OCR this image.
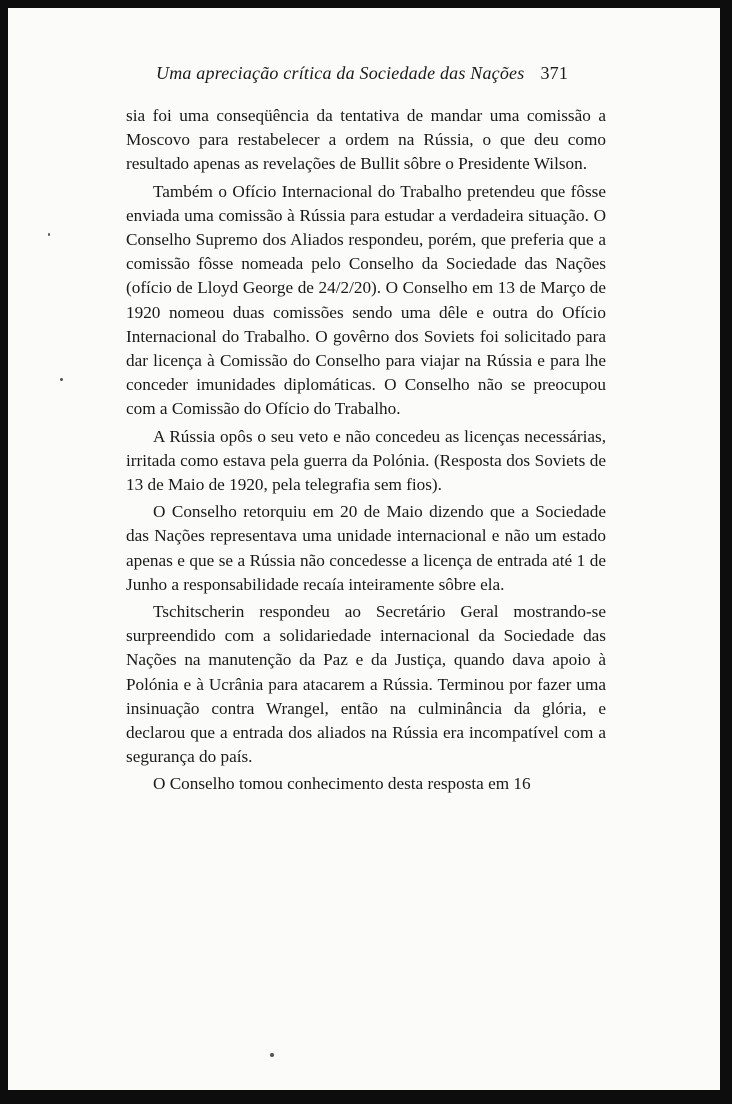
Uma apreciação crítica da Sociedade das Nações 371

sia foi uma conseqüência da tentativa de mandar uma comissão a Moscovo para restabelecer a ordem na Rússia, o que deu como resultado apenas as revelações de Bullit sôbre o Presidente Wilson.

Também o Ofício Internacional do Trabalho pretendeu que fôsse enviada uma comissão à Rússia para estudar a verdadeira situação. O Conselho Supremo dos Aliados respondeu, porém, que preferia que a comissão fôsse nomeada pelo Conselho da Sociedade das Nações (ofício de Lloyd George de 24/2/20). O Conselho em 13 de Março de 1920 nomeou duas comissões sendo uma dêle e outra do Ofício Internacional do Trabalho. O govêrno dos Soviets foi solicitado para dar licença à Comissão do Conselho para viajar na Rússia e para lhe conceder imunidades diplomáticas. O Conselho não se preocupou com a Comissão do Ofício do Trabalho.

A Rússia opôs o seu veto e não concedeu as licenças necessárias, irritada como estava pela guerra da Polónia. (Resposta dos Soviets de 13 de Maio de 1920, pela telegrafia sem fios).

O Conselho retorquiu em 20 de Maio dizendo que a Sociedade das Nações representava uma unidade internacional e não um estado apenas e que se a Rússia não concedesse a licença de entrada até 1 de Junho a responsabilidade recaía inteiramente sôbre ela.

Tschitscherin respondeu ao Secretário Geral mostrando-se surpreendido com a solidariedade internacional da Sociedade das Nações na manutenção da Paz e da Justiça, quando dava apoio à Polónia e à Ucrânia para atacarem a Rússia. Terminou por fazer uma insinuação contra Wrangel, então na culminância da glória, e declarou que a entrada dos aliados na Rússia era incompatível com a segurança do país.

O Conselho tomou conhecimento desta resposta em 16
